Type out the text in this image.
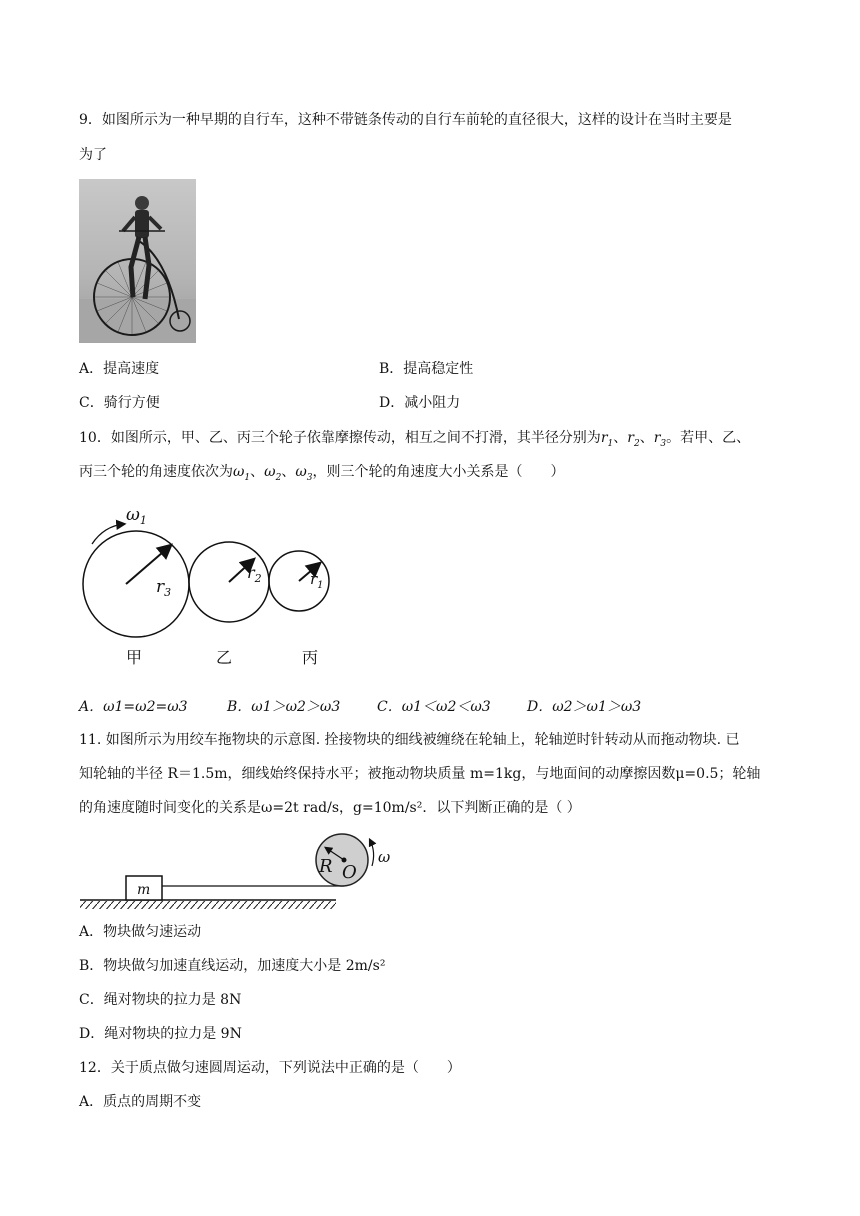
9．如图所示为一种早期的自行车，这种不带链条传动的自行车前轮的直径很大，这样的设计在当时主要是
为了
A．提高速度	B．提高稳定性
C．骑行方便	D．减小阻力
10．如图所示，甲、乙、丙三个轮子依靠摩擦传动，相互之间不打滑，其半径分别为$r_1$、$r_2$、$r_3$。若甲、乙、
丙三个轮的角速度依次为$\omega_1$、$\omega_2$、$\omega_3$，则三个轮的角速度大小关系是（　　）
$\omega_1$
$r_3$
$r_2$	$r_1$
甲	乙	丙
A．ω1=ω2=ω3	B．ω1＞ω2＞ω3	C．ω1＜ω2＜ω3	D．ω2＞ω1＞ω3
11. 如图所示为用绞车拖物块的示意图. 拴接物块的细线被缠绕在轮轴上，轮轴逆时针转动从而拖动物块. 已
知轮轴的半径 R＝1.5m，细线始终保持水平；被拖动物块质量 m=1kg，与地面间的动摩擦因数μ=0.5；轮轴
的角速度随时间变化的关系是ω=2t rad/s，g=10m/s²．以下判断正确的是（ ）
m
R O
ω
A．物块做匀速运动
B．物块做匀加速直线运动，加速度大小是 2m/s²
C．绳对物块的拉力是 8N
D．绳对物块的拉力是 9N
12．关于质点做匀速圆周运动，下列说法中正确的是（　　）
A．质点的周期不变
